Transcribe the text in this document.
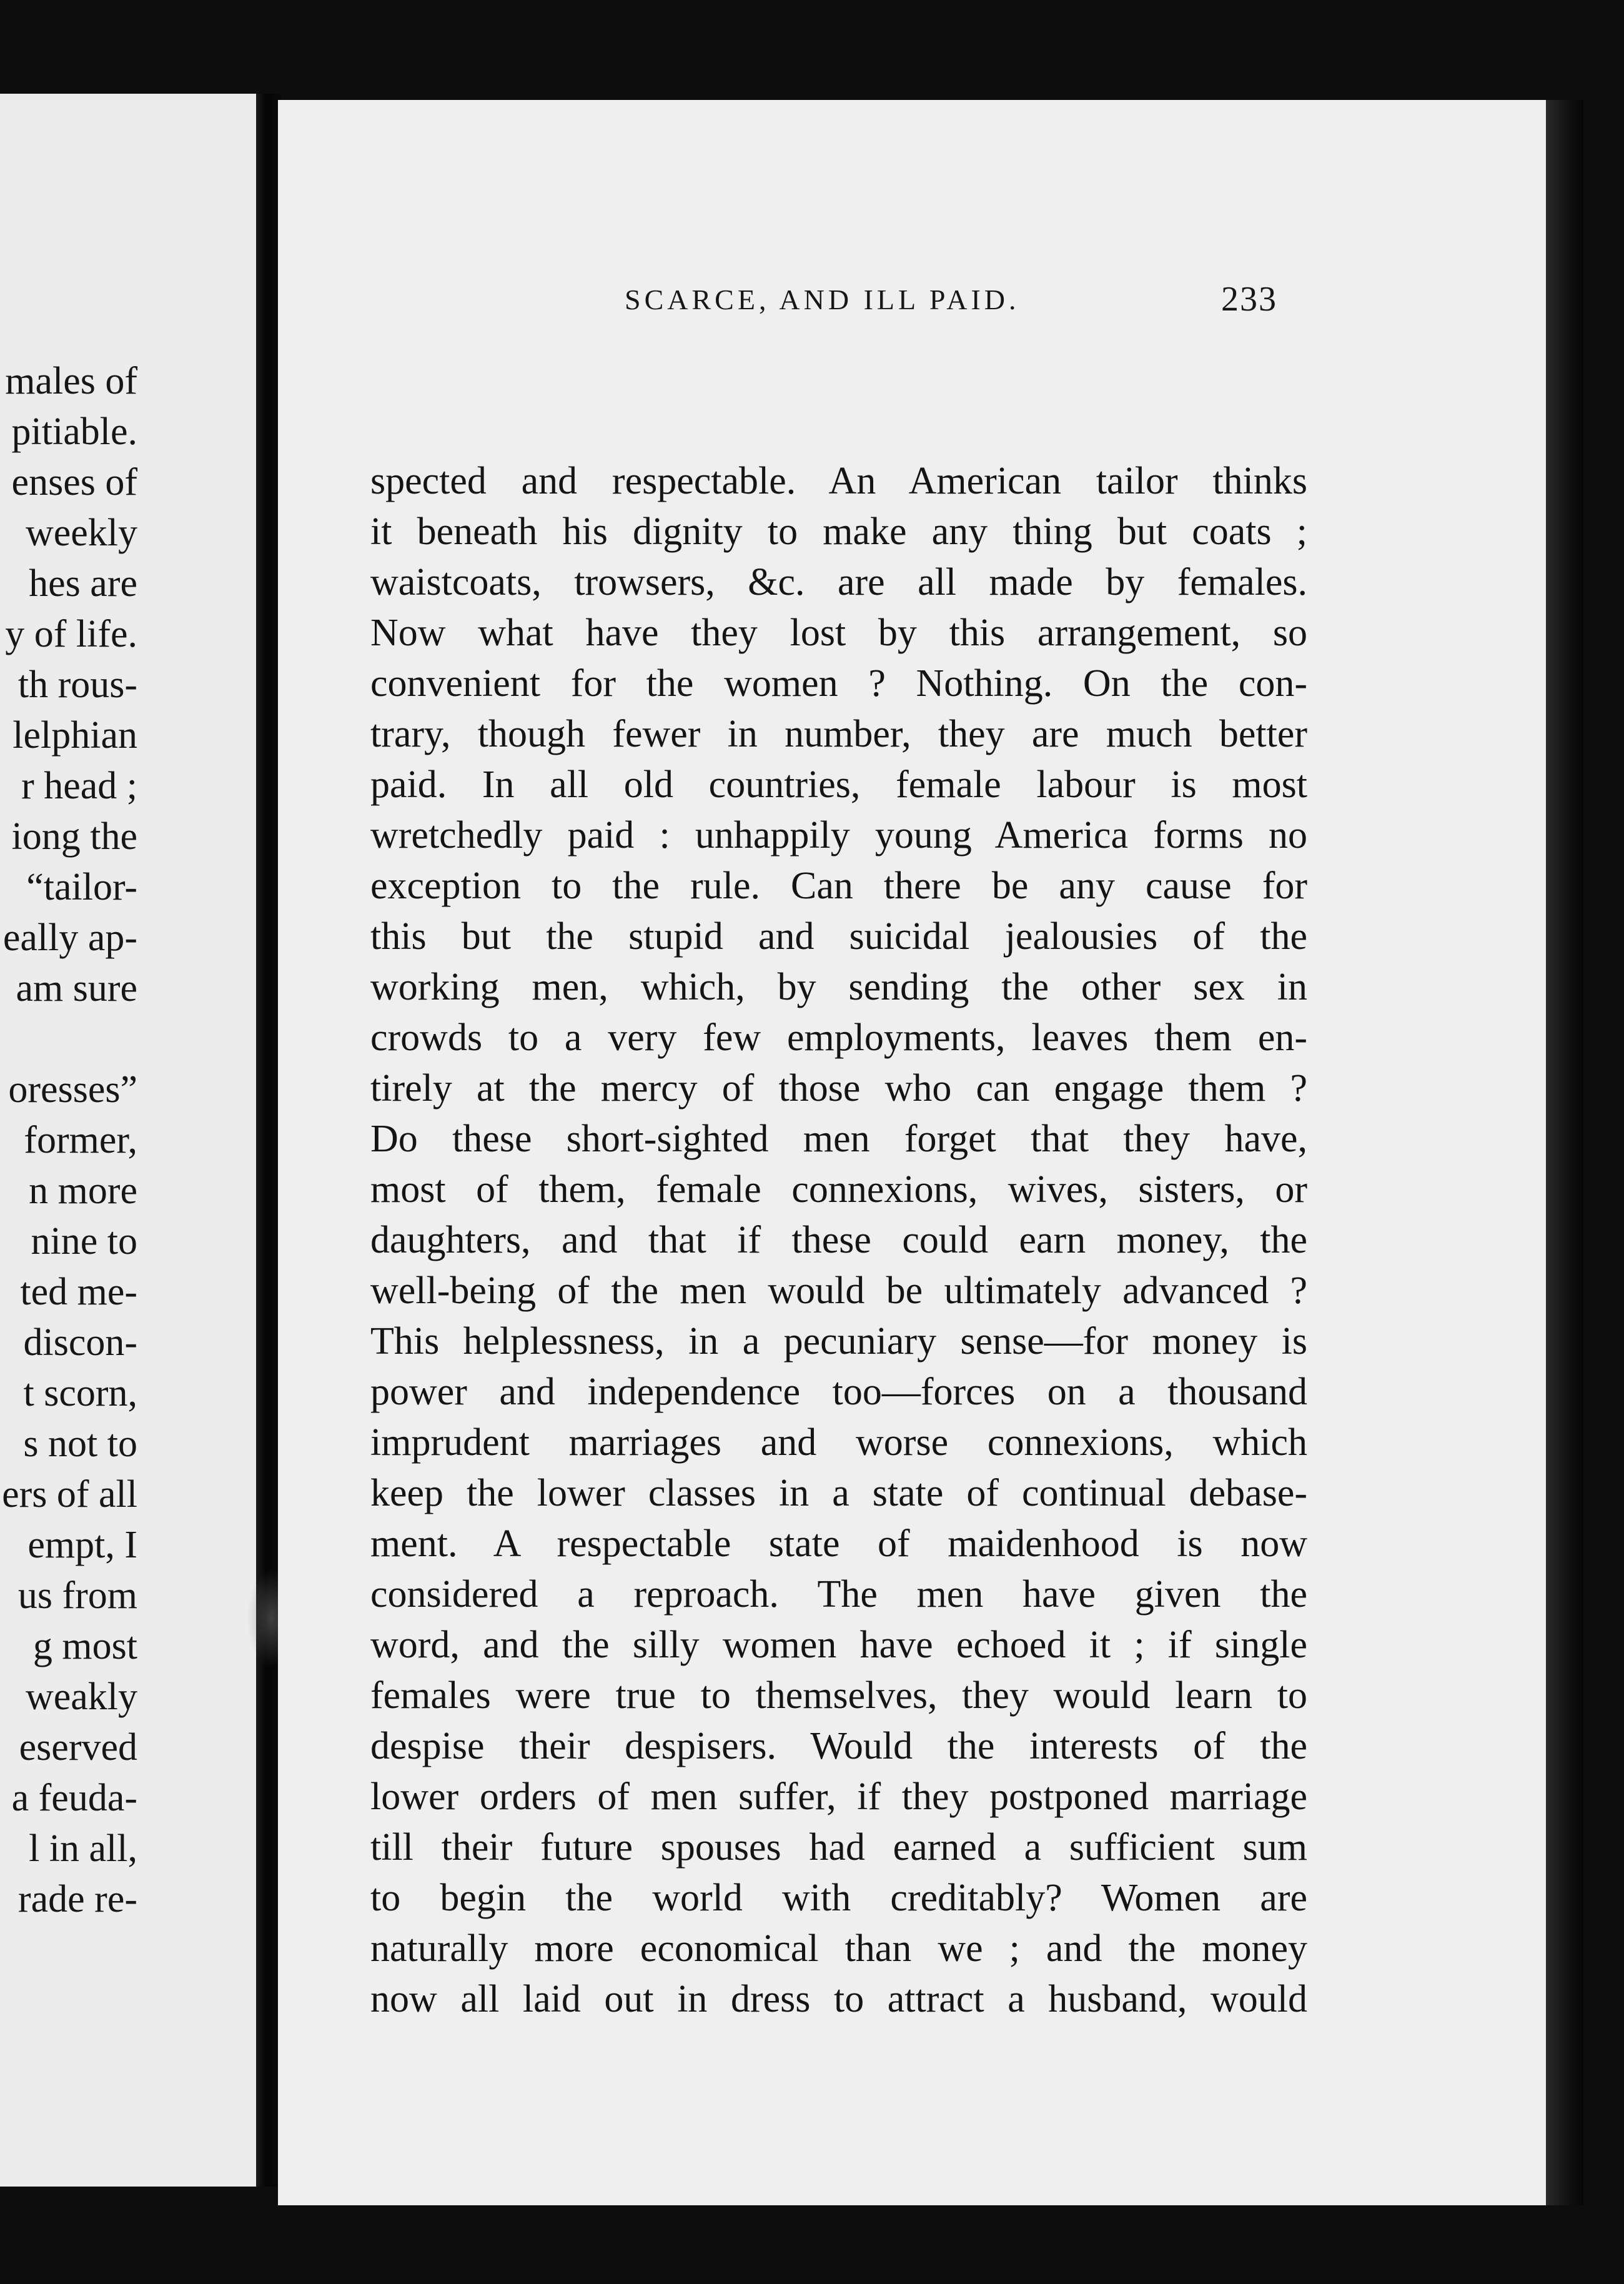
males of
pitiable.
enses of
weekly
hes are
y of life.
th rous-
lelphian
r head ;
iong the
“tailor-
eally ap-
am sure
oresses”
former,
n more
nine to
ted me-
discon-
t scorn,
s not to
ers of all
empt, I
us from
g most
weakly
eserved
a feuda-
l in all,
rade re-
SCARCE, AND ILL PAID.	233
spected and respectable. An American tailor thinks
it beneath his dignity to make any thing but coats ;
waistcoats, trowsers, &c. are all made by females.
Now what have they lost by this arrangement, so
convenient for the women ? Nothing. On the con-
trary, though fewer in number, they are much better
paid. In all old countries, female labour is most
wretchedly paid : unhappily young America forms no
exception to the rule. Can there be any cause for
this but the stupid and suicidal jealousies of the
working men, which, by sending the other sex in
crowds to a very few employments, leaves them en-
tirely at the mercy of those who can engage them ?
Do these short-sighted men forget that they have,
most of them, female connexions, wives, sisters, or
daughters, and that if these could earn money, the
well-being of the men would be ultimately advanced ?
This helplessness, in a pecuniary sense—for money is
power and independence too—forces on a thousand
imprudent marriages and worse connexions, which
keep the lower classes in a state of continual debase-
ment. A respectable state of maidenhood is now
considered a reproach. The men have given the
word, and the silly women have echoed it ; if single
females were true to themselves, they would learn to
despise their despisers. Would the interests of the
lower orders of men suffer, if they postponed marriage
till their future spouses had earned a sufficient sum
to begin the world with creditably? Women are
naturally more economical than we ; and the money
now all laid out in dress to attract a husband, would
